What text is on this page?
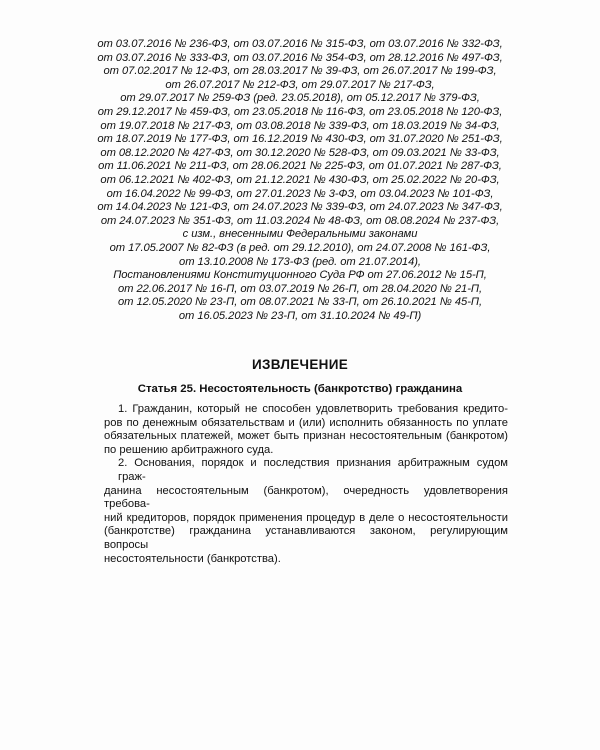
от 03.07.2016 № 236-ФЗ, от 03.07.2016 № 315-ФЗ, от 03.07.2016 № 332-ФЗ,
от 03.07.2016 № 333-ФЗ, от 03.07.2016 № 354-ФЗ, от 28.12.2016 № 497-ФЗ,
от 07.02.2017 № 12-ФЗ, от 28.03.2017 № 39-ФЗ, от 26.07.2017 № 199-ФЗ,
от 26.07.2017 № 212-ФЗ, от 29.07.2017 № 217-ФЗ,
от 29.07.2017 № 259-ФЗ (ред. 23.05.2018), от 05.12.2017 № 379-ФЗ,
от 29.12.2017 № 459-ФЗ, от 23.05.2018 № 116-ФЗ, от 23.05.2018 № 120-ФЗ,
от 19.07.2018 № 217-ФЗ, от 03.08.2018 № 339-ФЗ, от 18.03.2019 № 34-ФЗ,
от 18.07.2019 № 177-ФЗ, от 16.12.2019 № 430-ФЗ, от 31.07.2020 № 251-ФЗ,
от 08.12.2020 № 427-ФЗ, от 30.12.2020 № 528-ФЗ, от 09.03.2021 № 33-ФЗ,
от 11.06.2021 № 211-ФЗ, от 28.06.2021 № 225-ФЗ, от 01.07.2021 № 287-ФЗ,
от 06.12.2021 № 402-ФЗ, от 21.12.2021 № 430-ФЗ, от 25.02.2022 № 20-ФЗ,
от 16.04.2022 № 99-ФЗ, от 27.01.2023 № 3-ФЗ, от 03.04.2023 № 101-ФЗ,
от 14.04.2023 № 121-ФЗ, от 24.07.2023 № 339-ФЗ, от 24.07.2023 № 347-ФЗ,
от 24.07.2023 № 351-ФЗ, от 11.03.2024 № 48-ФЗ, от 08.08.2024 № 237-ФЗ,
с изм., внесенными Федеральными законами
от 17.05.2007 № 82-ФЗ (в ред. от 29.12.2010), от 24.07.2008 № 161-ФЗ,
от 13.10.2008 № 173-ФЗ (ред. от 21.07.2014),
Постановлениями Конституционного Суда РФ от 27.06.2012 № 15-П,
от 22.06.2017 № 16-П, от 03.07.2019 № 26-П, от 28.04.2020 № 21-П,
от 12.05.2020 № 23-П, от 08.07.2021 № 33-П, от 26.10.2021 № 45-П,
от 16.05.2023 № 23-П, от 31.10.2024 № 49-П)
ИЗВЛЕЧЕНИЕ
Статья 25. Несостоятельность (банкротство) гражданина
1. Гражданин, который не способен удовлетворить требования кредито-
ров по денежным обязательствам и (или) исполнить обязанность по уплате
обязательных платежей, может быть признан несостоятельным (банкротом)
по решению арбитражного суда.
2. Основания, порядок и последствия признания арбитражным судом граж-
данина несостоятельным (банкротом), очередность удовлетворения требова-
ний кредиторов, порядок применения процедур в деле о несостоятельности
(банкротстве) гражданина устанавливаются законом, регулирующим вопросы
несостоятельности (банкротства).
